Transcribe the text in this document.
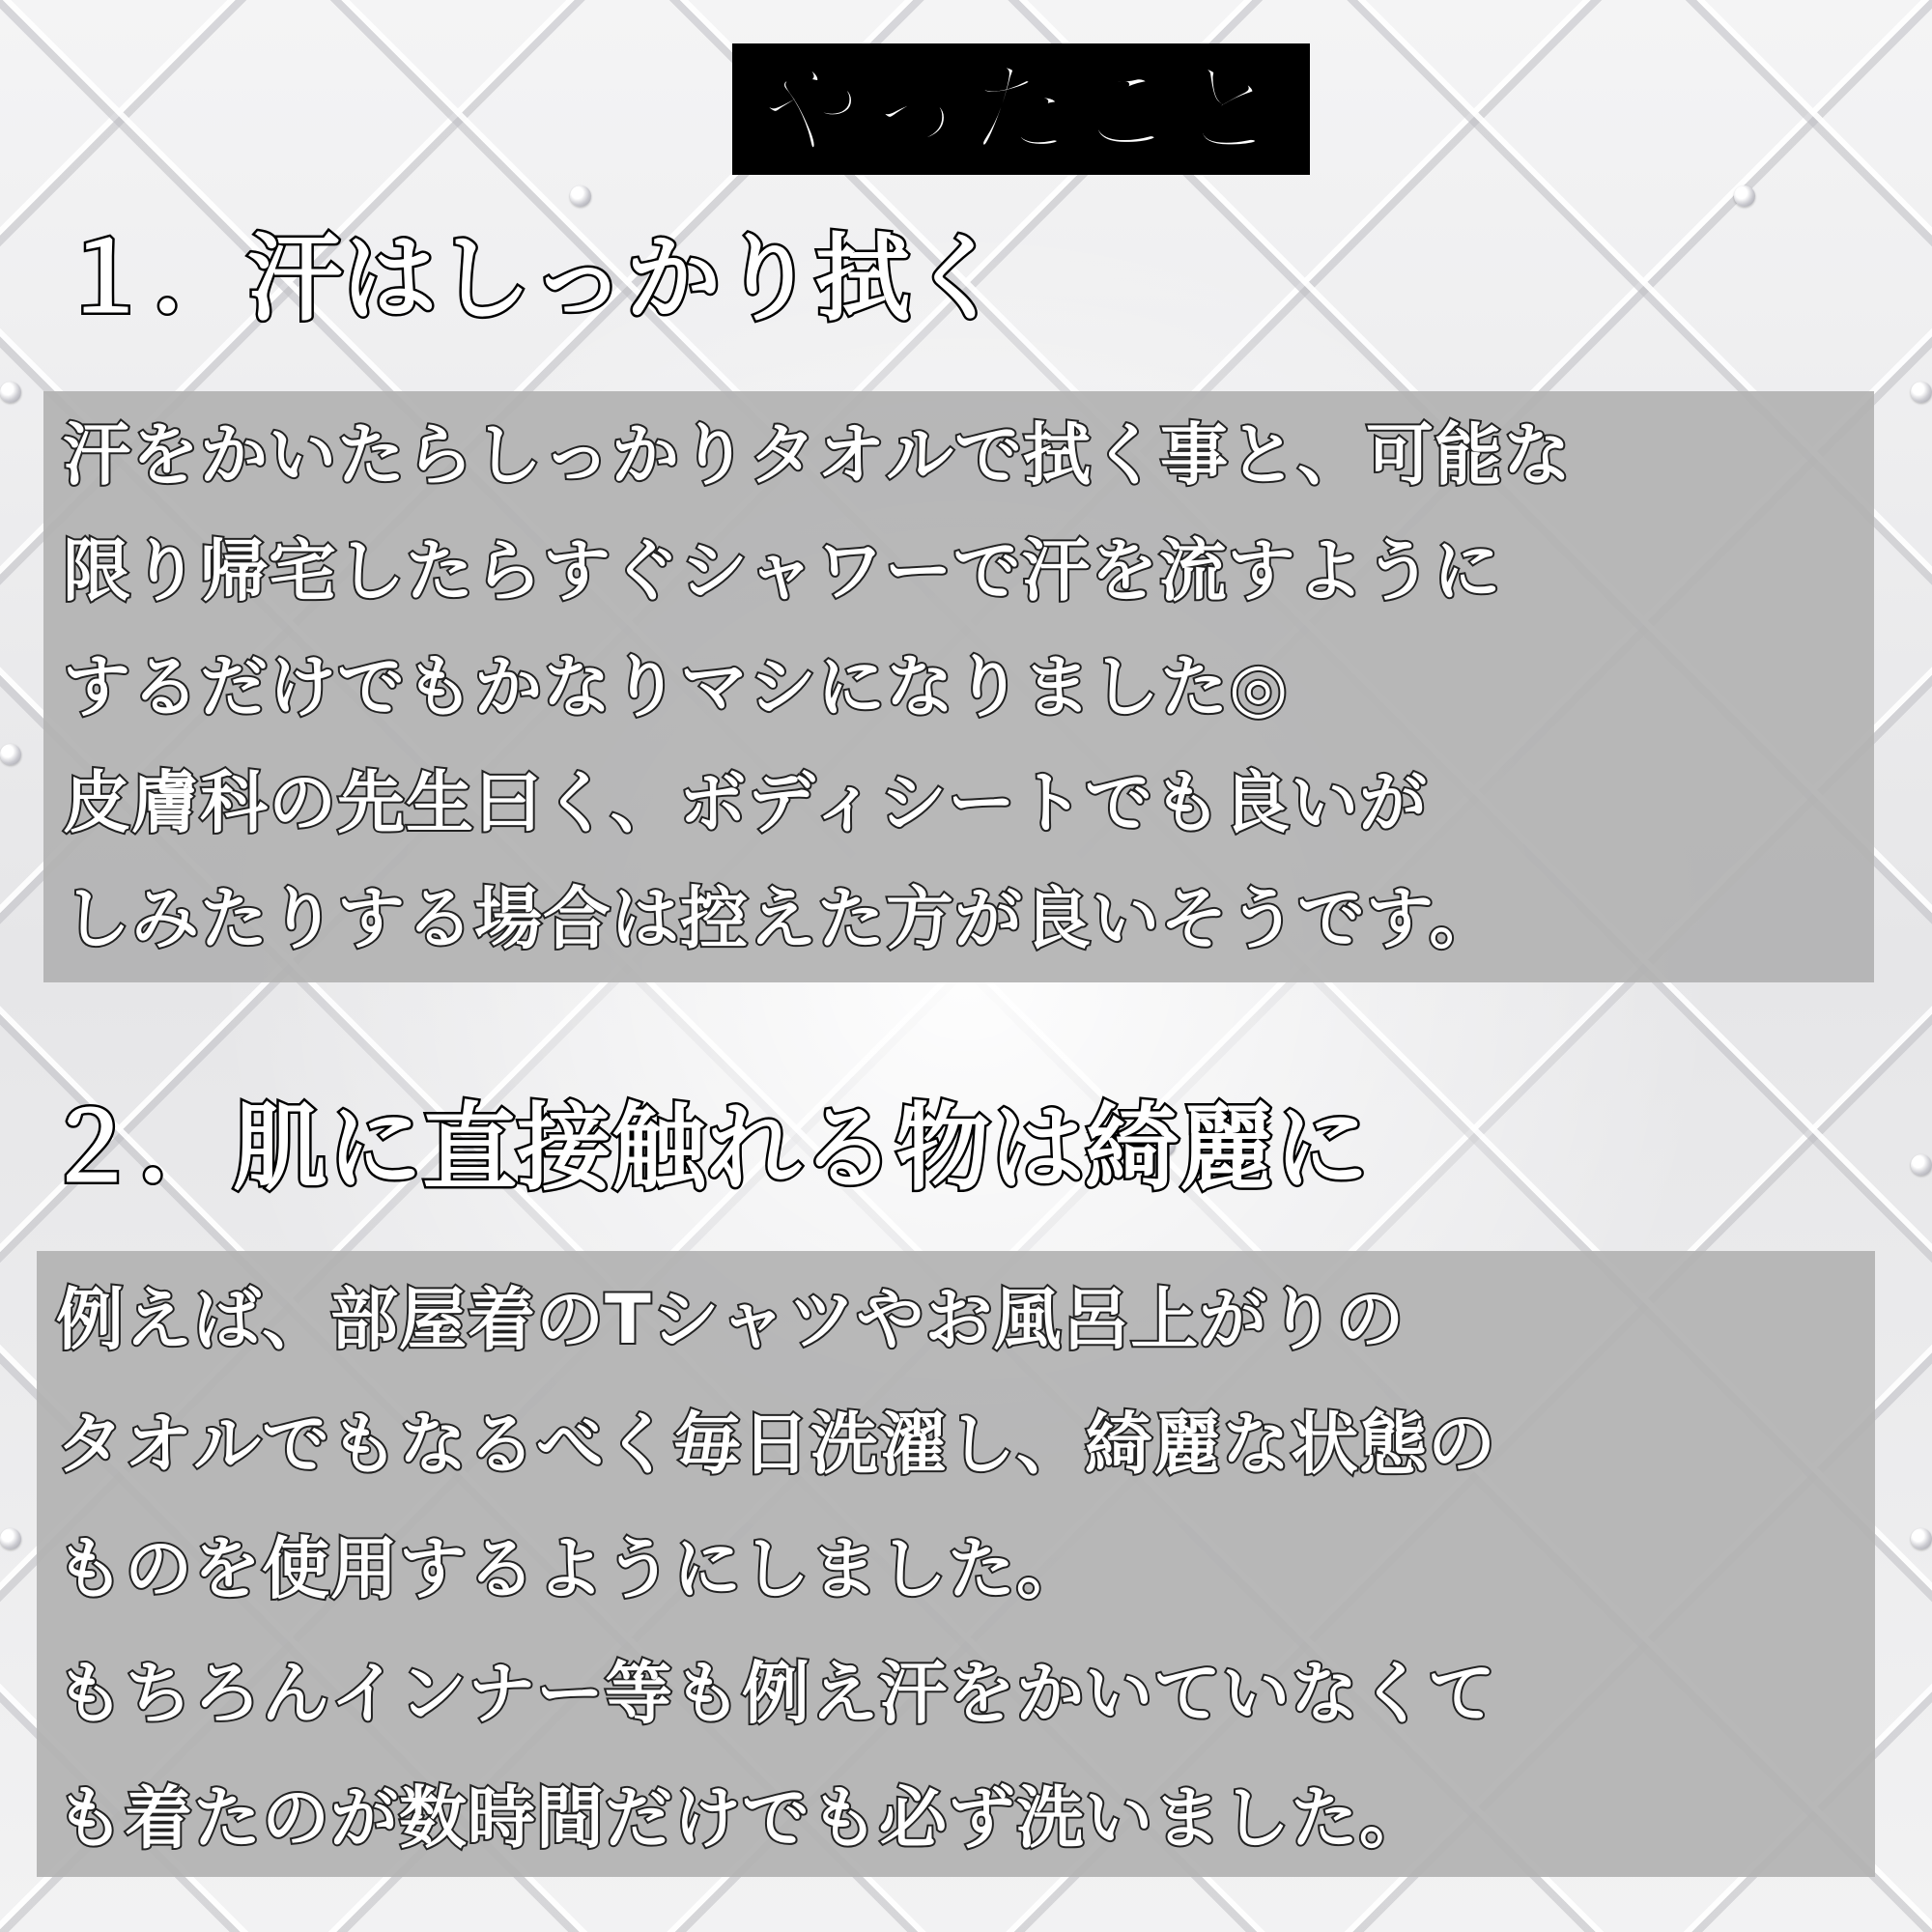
やったこと
１．汗はしっかり拭く
汗をかいたらしっかりタオルで拭く事と、可能な
限り帰宅したらすぐシャワーで汗を流すように
するだけでもかなりマシになりました◎
皮膚科の先生曰く、ボディシートでも良いが
しみたりする場合は控えた方が良いそうです。
２．肌に直接触れる物は綺麗に
例えば、部屋着のTシャツやお風呂上がりの
タオルでもなるべく毎日洗濯し、綺麗な状態の
ものを使用するようにしました。
もちろんインナー等も例え汗をかいていなくて
も着たのが数時間だけでも必ず洗いました。
